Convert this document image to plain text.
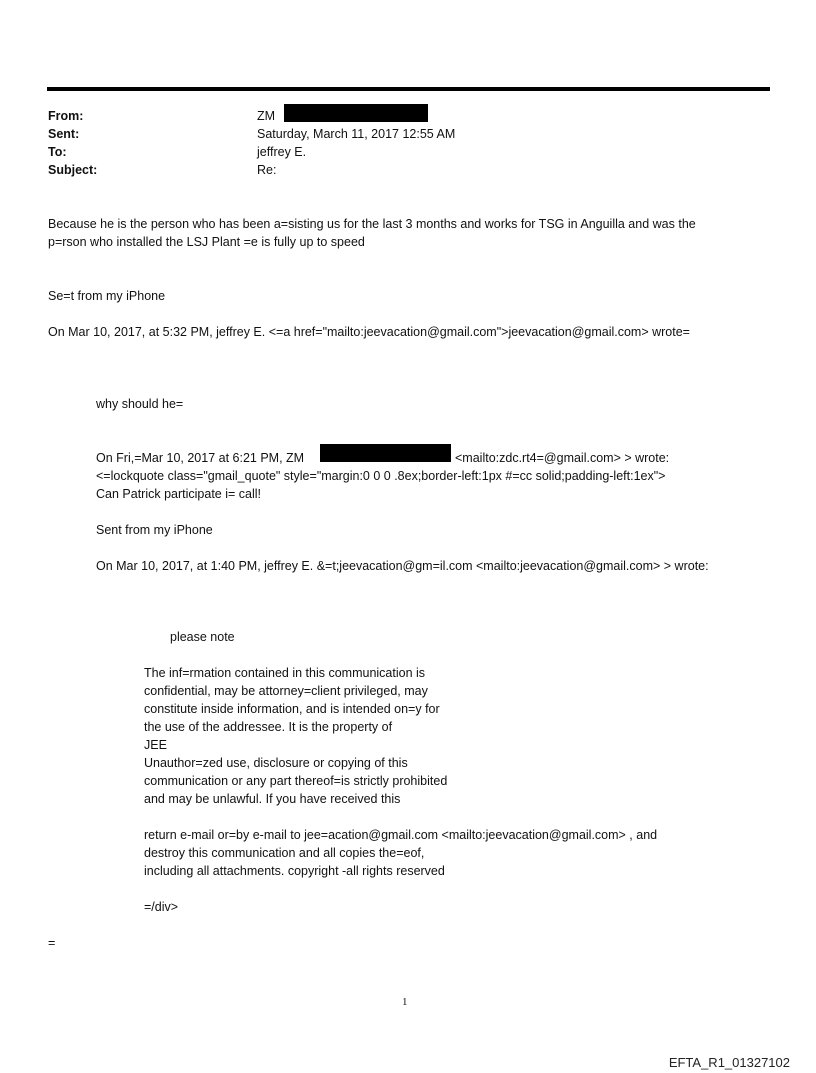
From:
Sent:
To:
Subject:
ZM
Saturday, March 11, 2017 12:55 AM
jeffrey E.
Re:
Because he is the person who has been a=sisting us for the last 3 months and works for TSG in Anguilla and was the
p=rson who installed the LSJ Plant =e is fully up to speed
Se=t from my iPhone
On Mar 10, 2017, at 5:32 PM, jeffrey E. <=a href="mailto:jeevacation@gmail.com">jeevacation@gmail.com> wrote=
why should he=
On Fri,=Mar 10, 2017 at 6:21 PM, ZM	<mailto:zdc.rt4=@gmail.com> > wrote:
<=lockquote class="gmail_quote" style="margin:0 0 0 .8ex;border-left:1px #=cc solid;padding-left:1ex">
Can Patrick participate i= call!
Sent from my iPhone
On Mar 10, 2017, at 1:40 PM, jeffrey E. &=t;jeevacation@gm=il.com <mailto:jeevacation@gmail.com> > wrote:
please note
The inf=rmation contained in this communication is
confidential, may be attorney=client privileged, may
constitute inside information, and is intended on=y for
the use of the addressee. It is the property of
JEE
Unauthor=zed use, disclosure or copying of this
communication or any part thereof=is strictly prohibited
and may be unlawful. If you have received this
return e-mail or=by e-mail to jee=acation@gmail.com <mailto:jeevacation@gmail.com> , and
destroy this communication and all copies the=eof,
including all attachments. copyright -all rights reserved
=/div>
=
1
EFTA_R1_01327102
